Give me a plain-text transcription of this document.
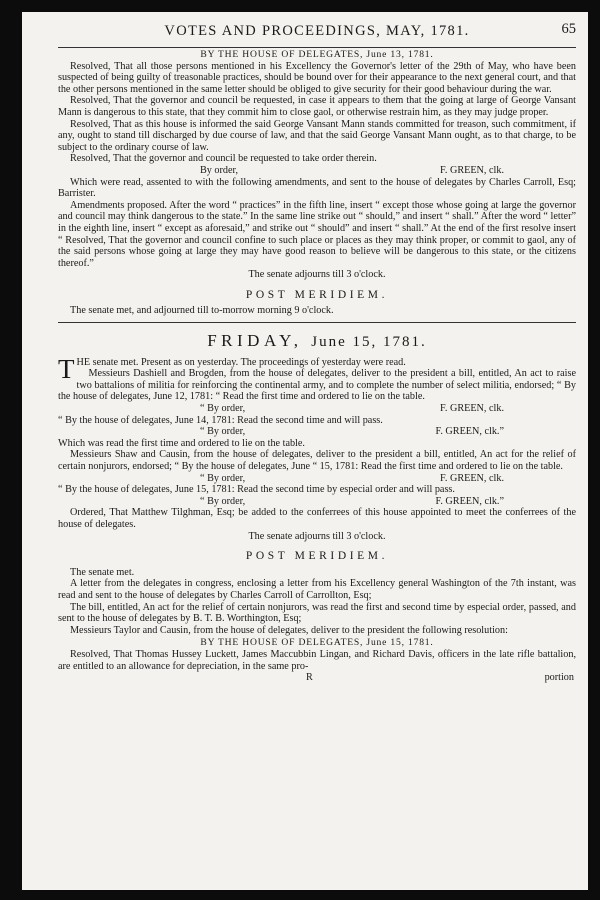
VOTES AND PROCEEDINGS, MAY, 1781.	65

BY THE HOUSE OF DELEGATES, June 13, 1781.

Resolved, That all those persons mentioned in his Excellency the Governor's letter of the 29th of May, who have been suspected of being guilty of treasonable practices, should be bound over for their appearance to the next general court, and that the other persons mentioned in the same letter should be obliged to give security for their good behaviour during the war.

Resolved, That the governor and council be requested, in case it appears to them that the going at large of George Vansant Mann is dangerous to this state, that they commit him to close gaol, or otherwise restrain him, as they may judge proper.

Resolved, That as this house is informed the said George Vansant Mann stands committed for treason, such commitment, if any, ought to stand till discharged by due course of law, and that the said George Vansant Mann ought, as to that charge, to be subject to the ordinary course of law.

Resolved, That the governor and council be requested to take order therein.

By order,	F. GREEN, clk.

Which were read, assented to with the following amendments, and sent to the house of delegates by Charles Carroll, Esq; Barrister.

Amendments proposed. After the word “ practices” in the fifth line, insert “ except those whose going at large the governor and council may think dangerous to the state.” In the same line strike out “ should,” and insert “ shall.” After the word “ letter” in the eighth line, insert “ except as aforesaid,” and strike out “ should” and insert “ shall.” At the end of the first resolve insert “ Resolved, That the governor and council confine to such place or places as they may think proper, or commit to gaol, any of the said persons whose going at large they may have good reason to believe will be dangerous to this state, or the citizens thereof.”

The senate adjourns till 3 o'clock.

POST MERIDIEM.

The senate met, and adjourned till to-morrow morning 9 o'clock.

FRIDAY, June 15, 1781.

THE senate met. Present as on yesterday. The proceedings of yesterday were read.

Messieurs Dashiell and Brogden, from the house of delegates, deliver to the president a bill, entitled, An act to raise two battalions of militia for reinforcing the continental army, and to complete the number of select militia, endorsed; “ By the house of delegates, June 12, 1781: “ Read the first time and ordered to lie on the table.

“ By order,	F. GREEN, clk.

“ By the house of delegates, June 14, 1781: Read the second time and will pass.

“ By order,	F. GREEN, clk.”

Which was read the first time and ordered to lie on the table.

Messieurs Shaw and Causin, from the house of delegates, deliver to the president a bill, entitled, An act for the relief of certain nonjurors, endorsed; “ By the house of delegates, June “ 15, 1781: Read the first time and ordered to lie on the table.

“ By order,	F. GREEN, clk.

“ By the house of delegates, June 15, 1781: Read the second time by especial order and will pass.

“ By order,	F. GREEN, clk.”

Ordered, That Matthew Tilghman, Esq; be added to the conferrees of this house appointed to meet the conferrees of the house of delegates.

The senate adjourns till 3 o'clock.

POST MERIDIEM.

The senate met.

A letter from the delegates in congress, enclosing a letter from his Excellency general Washington of the 7th instant, was read and sent to the house of delegates by Charles Carroll of Carrollton, Esq;

The bill, entitled, An act for the relief of certain nonjurors, was read the first and second time by especial order, passed, and sent to the house of delegates by B. T. B. Worthington, Esq;

Messieurs Taylor and Causin, from the house of delegates, deliver to the president the following resolution:

BY THE HOUSE OF DELEGATES, June 15, 1781.

Resolved, That Thomas Hussey Luckett, James Maccubbin Lingan, and Richard Davis, officers in the late rifle battalion, are entitled to an allowance for depreciation, in the same pro-

R	portion
